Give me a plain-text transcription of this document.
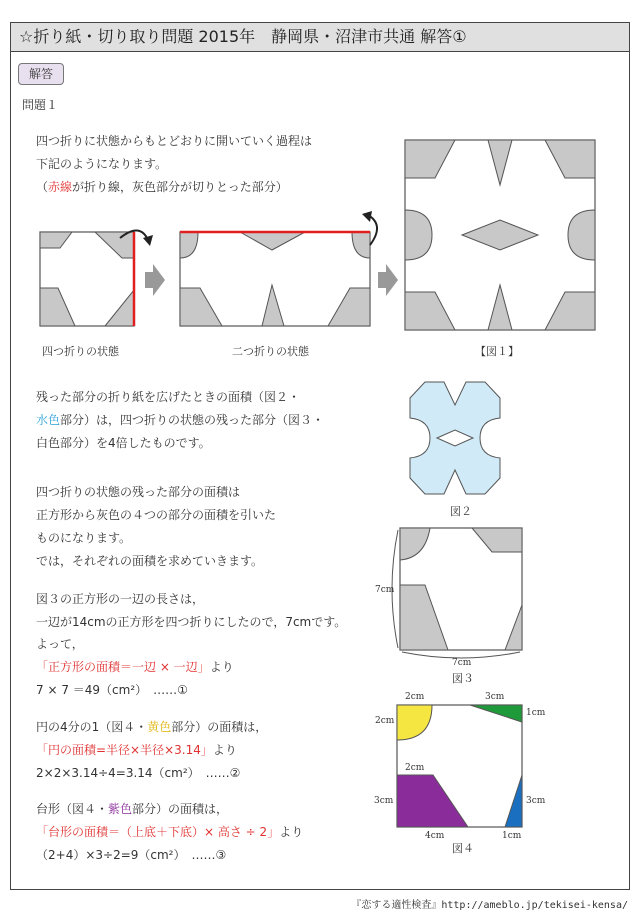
☆折り紙・切り取り問題 2015年　静岡県・沼津市共通 解答①
解答
問題１
四つ折りに状態からもとどおりに開いていく過程は
下記のようになります。
（赤線が折り線，灰色部分が切りとった部分）
四つ折りの状態	二つ折りの状態	【図１】
図２
図３
図４
7cm
7cm
2cm	3cm
2cm
1cm
2cm
3cm	3cm
4cm	1cm
残った部分の折り紙を広げたときの面積（図２・
水色部分）は，四つ折りの状態の残った部分（図３・
白色部分）を4倍したものです。
四つ折りの状態の残った部分の面積は
正方形から灰色の４つの部分の面積を引いた
ものになります。
では，それぞれの面積を求めていきます。
図３の正方形の一辺の長さは，
一辺が14cmの正方形を四つ折りにしたので，7cmです。
よって，
「正方形の面積＝一辺 × 一辺」より
7 × 7 ＝49（cm²）　……①
円の4分の1（図４・黄色部分）の面積は，
「円の面積=半径×半径×3.14」より
2×2×3.14÷4=3.14（cm²）　……②
台形（図４・紫色部分）の面積は，
「台形の面積＝（上底＋下底）× 高さ ÷ 2」より
（2+4）×3÷2=9（cm²）　……③
『恋する適性検査』http://ameblo.jp/tekisei-kensa/
